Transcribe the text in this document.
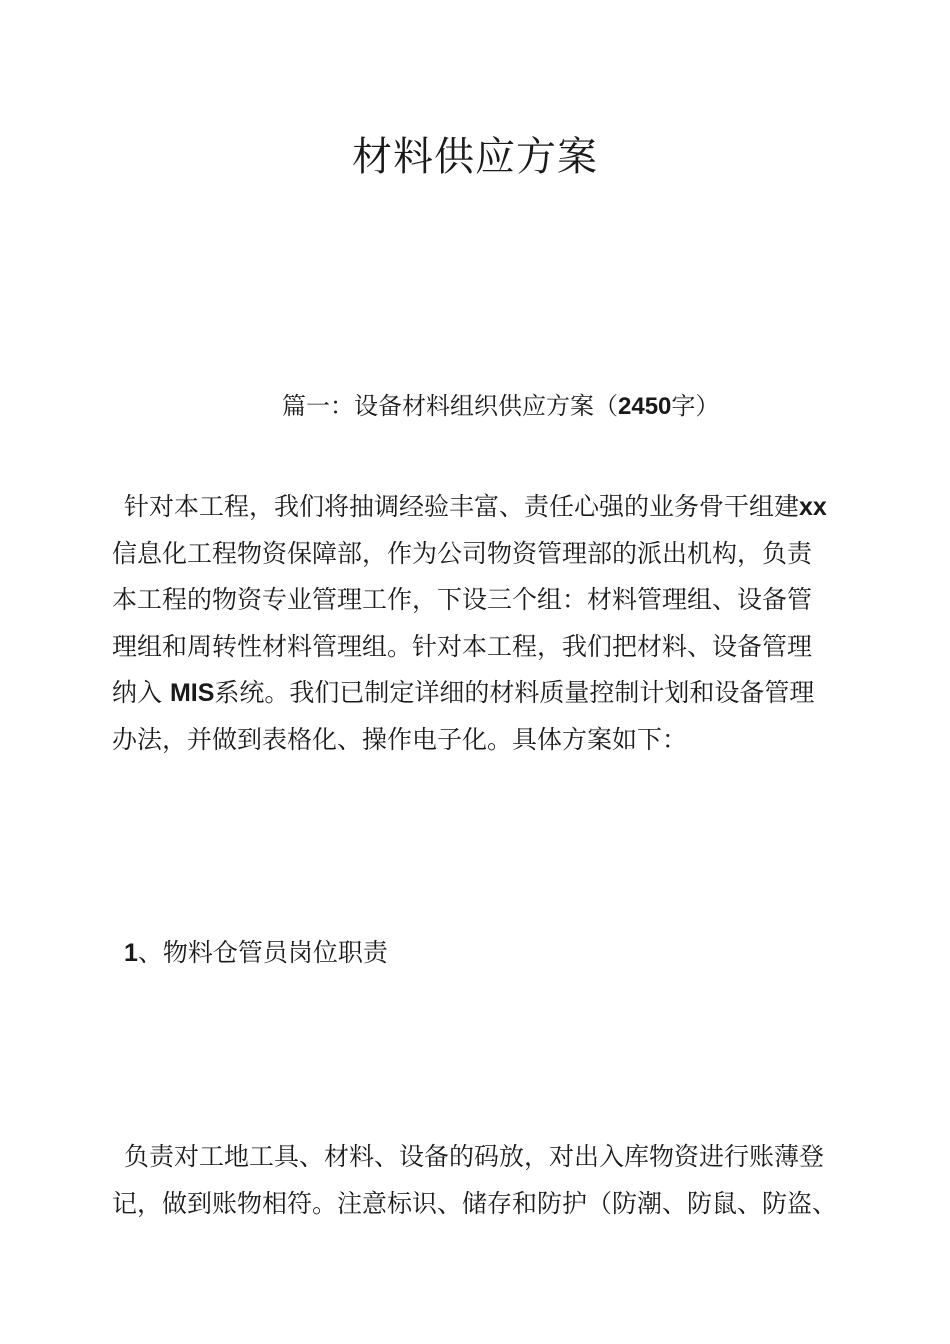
材料供应方案
篇一：设备材料组织供应方案（2450字）

针对本工程，我们将抽调经验丰富、责任心强的业务骨干组建xx
信息化工程物资保障部，作为公司物资管理部的派出机构，负责
本工程的物资专业管理工作，下设三个组：材料管理组、设备管
理组和周转性材料管理组。针对本工程，我们把材料、设备管理
纳入 MIS系统。我们已制定详细的材料质量控制计划和设备管理
办法，并做到表格化、操作电子化。具体方案如下：

1、物料仓管员岗位职责

负责对工地工具、材料、设备的码放，对出入库物资进行账薄登
记，做到账物相符。注意标识、储存和防护（防潮、防鼠、防盗、
